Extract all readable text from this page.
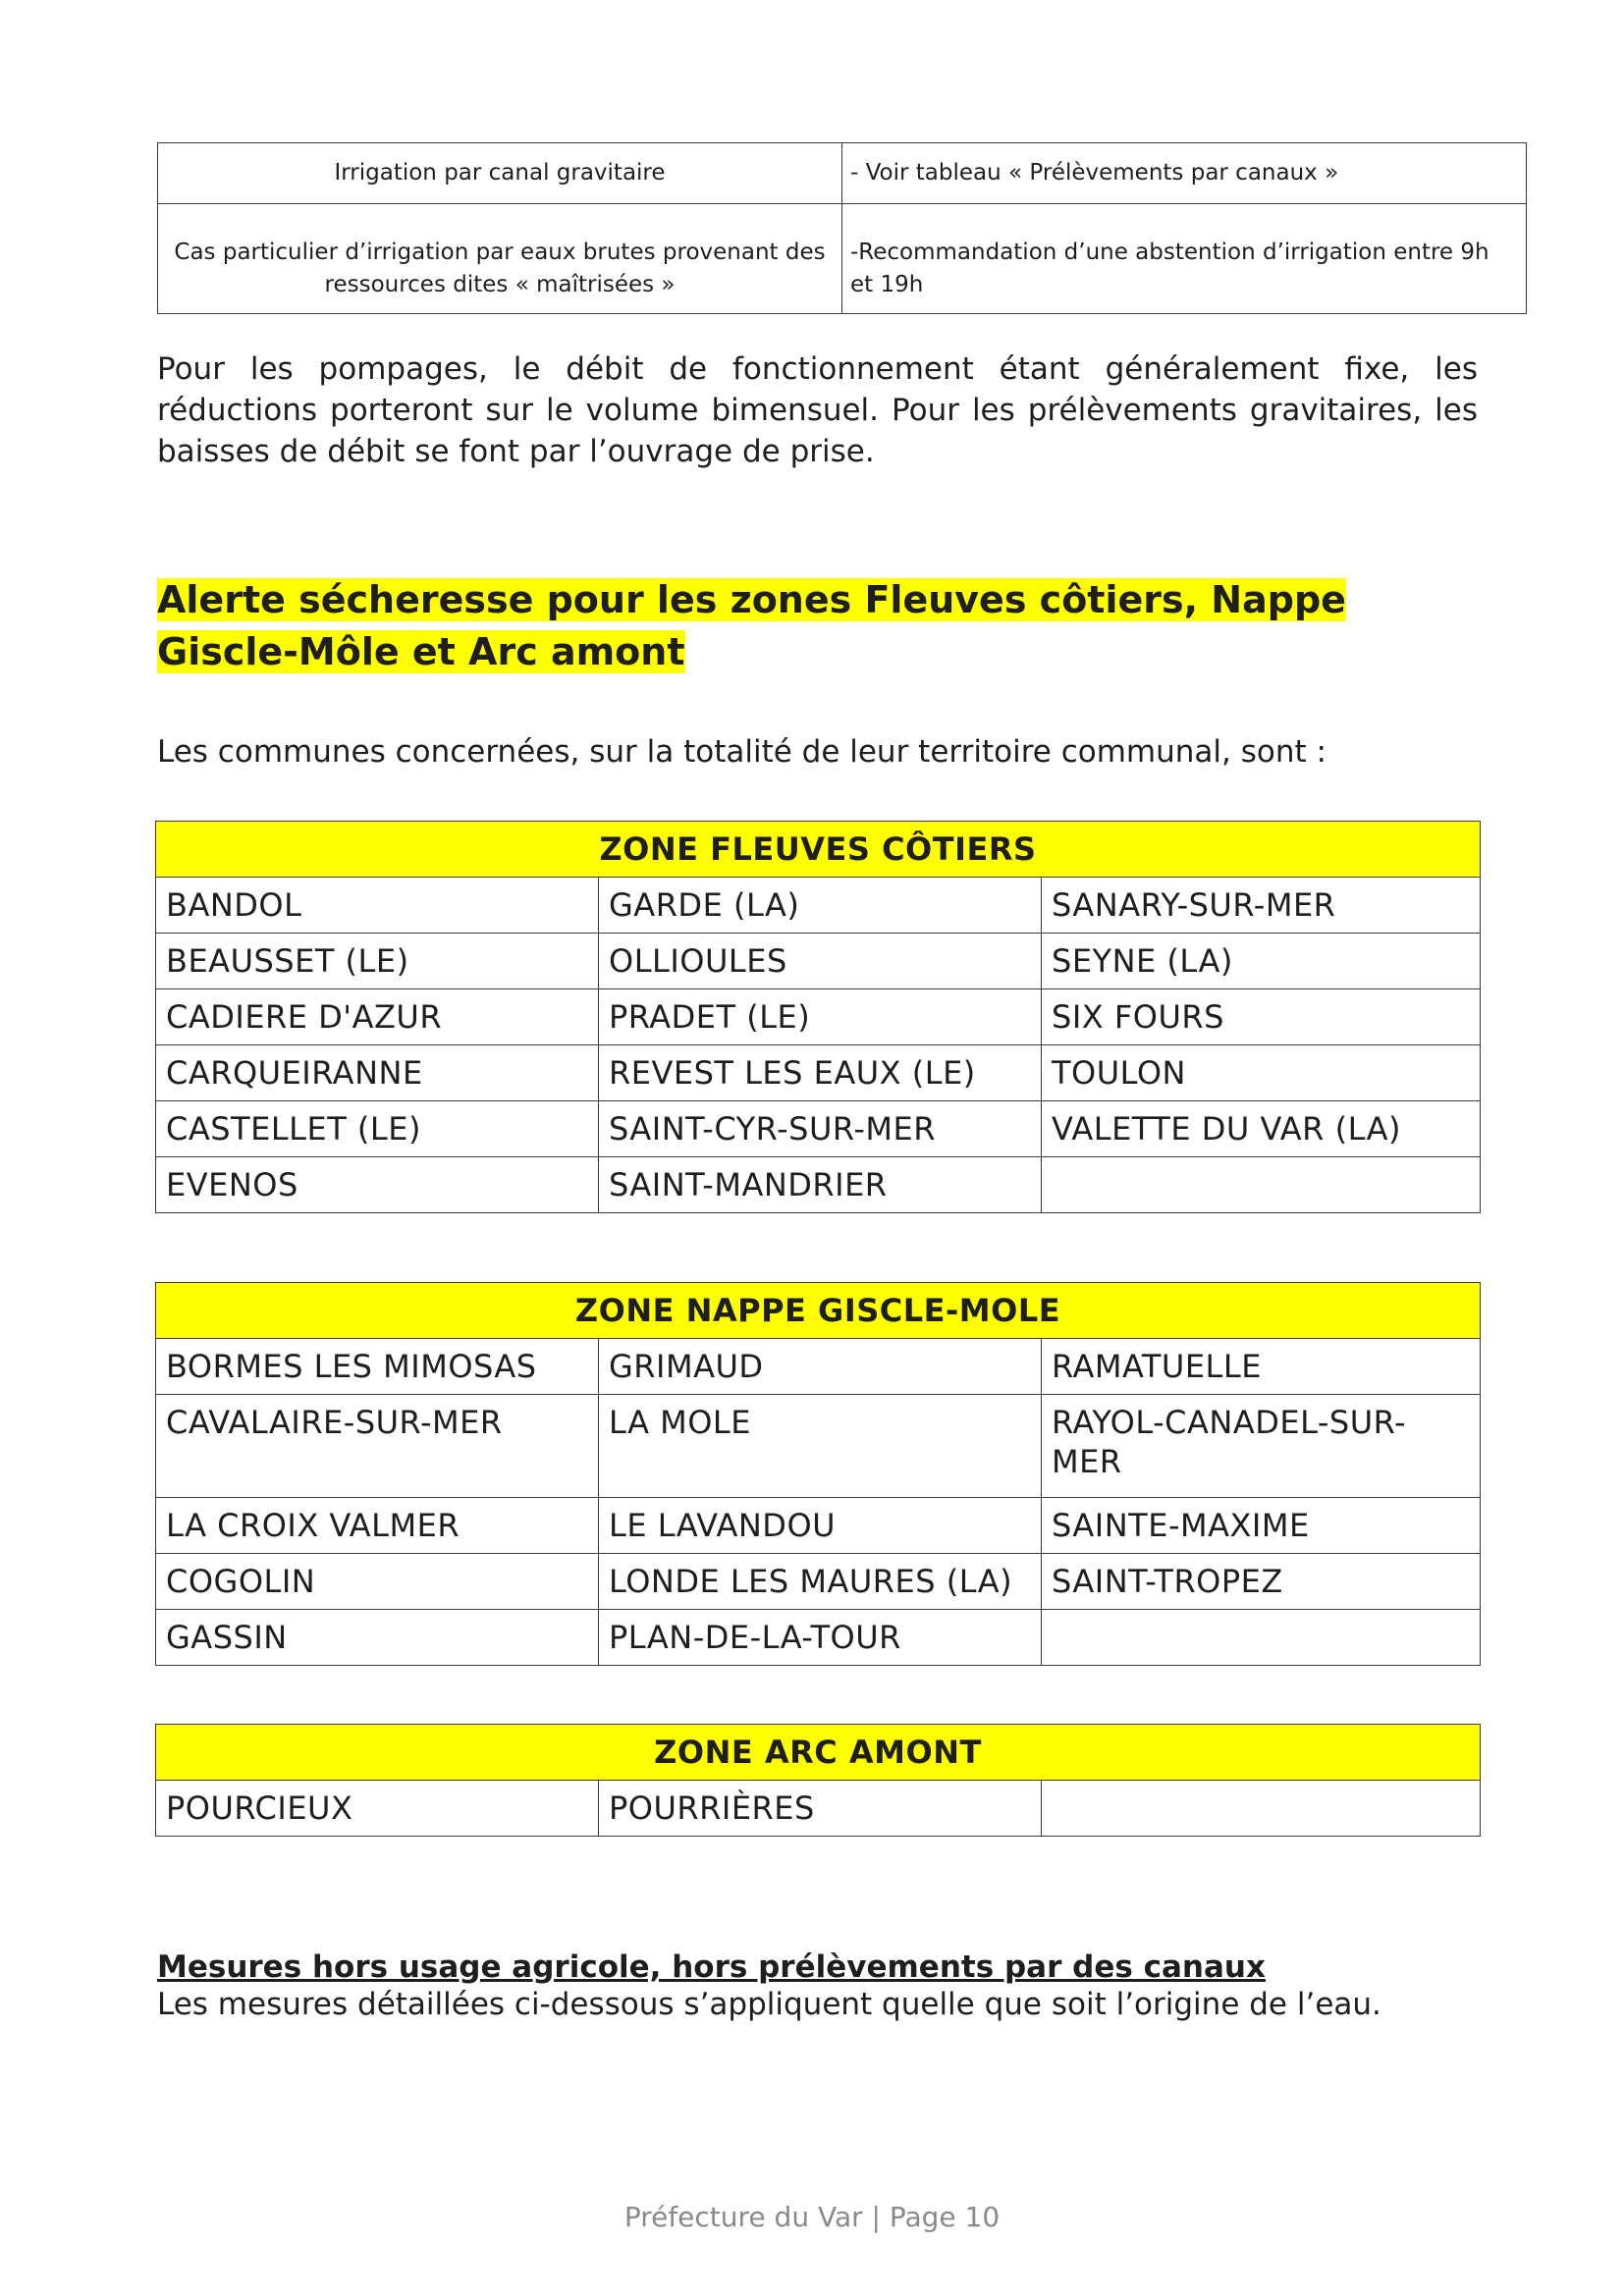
Irrigation par canal gravitaire	- Voir tableau « Prélèvements par canaux »
Cas particulier d’irrigation par eaux brutes provenant des ressources dites « maîtrisées »	-Recommandation d’une abstention d’irrigation entre 9h et 19h

Pour les pompages, le débit de fonctionnement étant généralement fixe, les réductions porteront sur le volume bimensuel. Pour les prélèvements gravitaires, les baisses de débit se font par l’ouvrage de prise.

Alerte sécheresse pour les zones Fleuves côtiers, Nappe Giscle-Môle et Arc amont

Les communes concernées, sur la totalité de leur territoire communal, sont :

ZONE FLEUVES CÔTIERS		
BANDOL	GARDE (LA)	SANARY-SUR-MER
BEAUSSET (LE)	OLLIOULES	SEYNE (LA)
CADIERE D'AZUR	PRADET (LE)	SIX FOURS
CARQUEIRANNE	REVEST LES EAUX (LE)	TOULON
CASTELLET (LE)	SAINT-CYR-SUR-MER	VALETTE DU VAR (LA)
EVENOS	SAINT-MANDRIER	
ZONE NAPPE GISCLE-MOLE		
BORMES LES MIMOSAS	GRIMAUD	RAMATUELLE
CAVALAIRE-SUR-MER	LA MOLE	RAYOL-CANADEL-SUR-MER
LA CROIX VALMER	LE LAVANDOU	SAINTE-MAXIME
COGOLIN	LONDE LES MAURES (LA)	SAINT-TROPEZ
GASSIN	PLAN-DE-LA-TOUR	
ZONE ARC AMONT
POURCIEUX	POURRIÈRES	

Mesures hors usage agricole, hors prélèvements par des canaux

Les mesures détaillées ci-dessous s’appliquent quelle que soit l’origine de l’eau.

Préfecture du Var | Page 10
